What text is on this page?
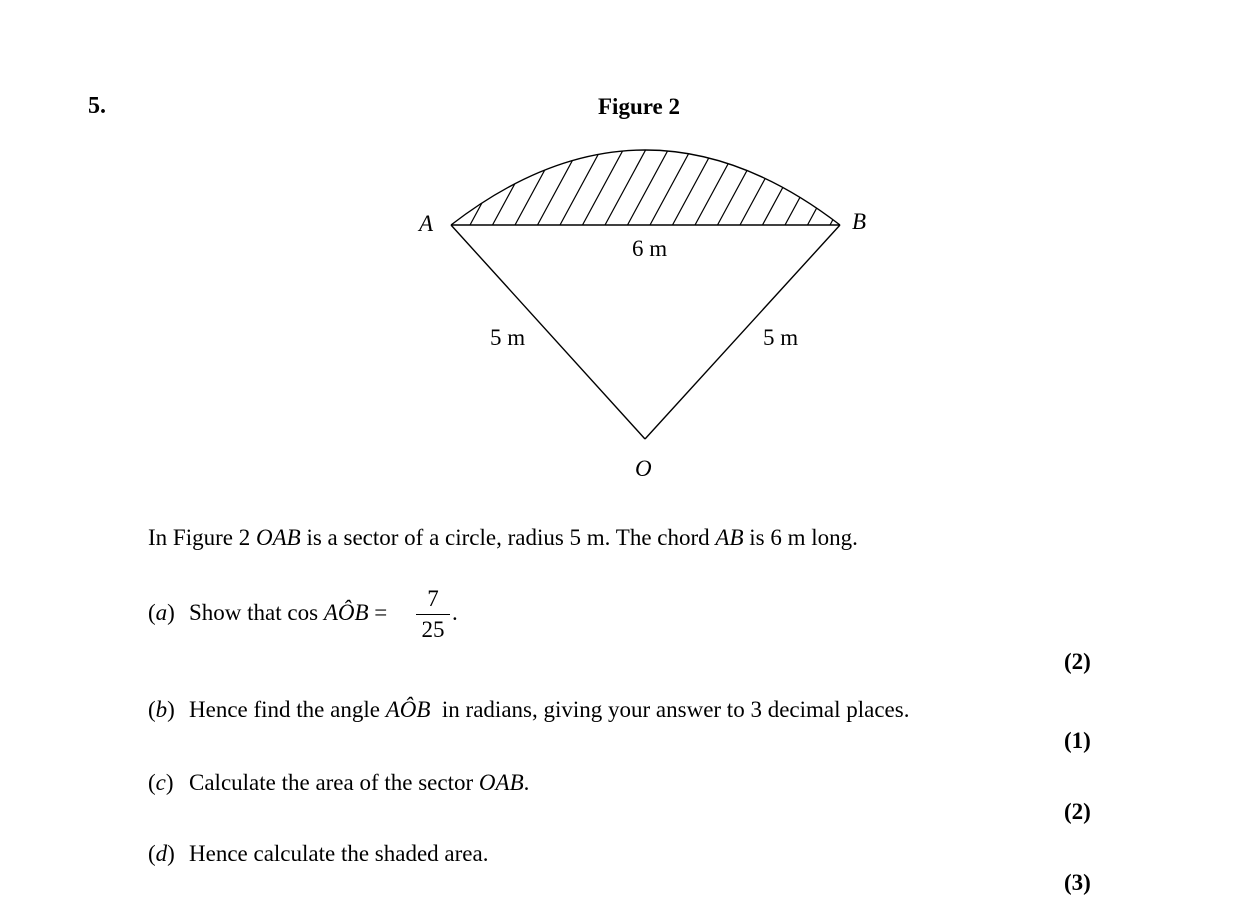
5.	Figure 2
A	B
O
6 m
5 m	5 m
In Figure 2 OAB is a sector of a circle, radius 5 m. The chord AB is 6 m long.
(a) Show that cos AÔB =
7
25
.
(2)
(b) Hence find the angle AÔB  in radians, giving your answer to 3 decimal places.
(1)
(c) Calculate the area of the sector OAB.
(2)
(d) Hence calculate the shaded area.
(3)
